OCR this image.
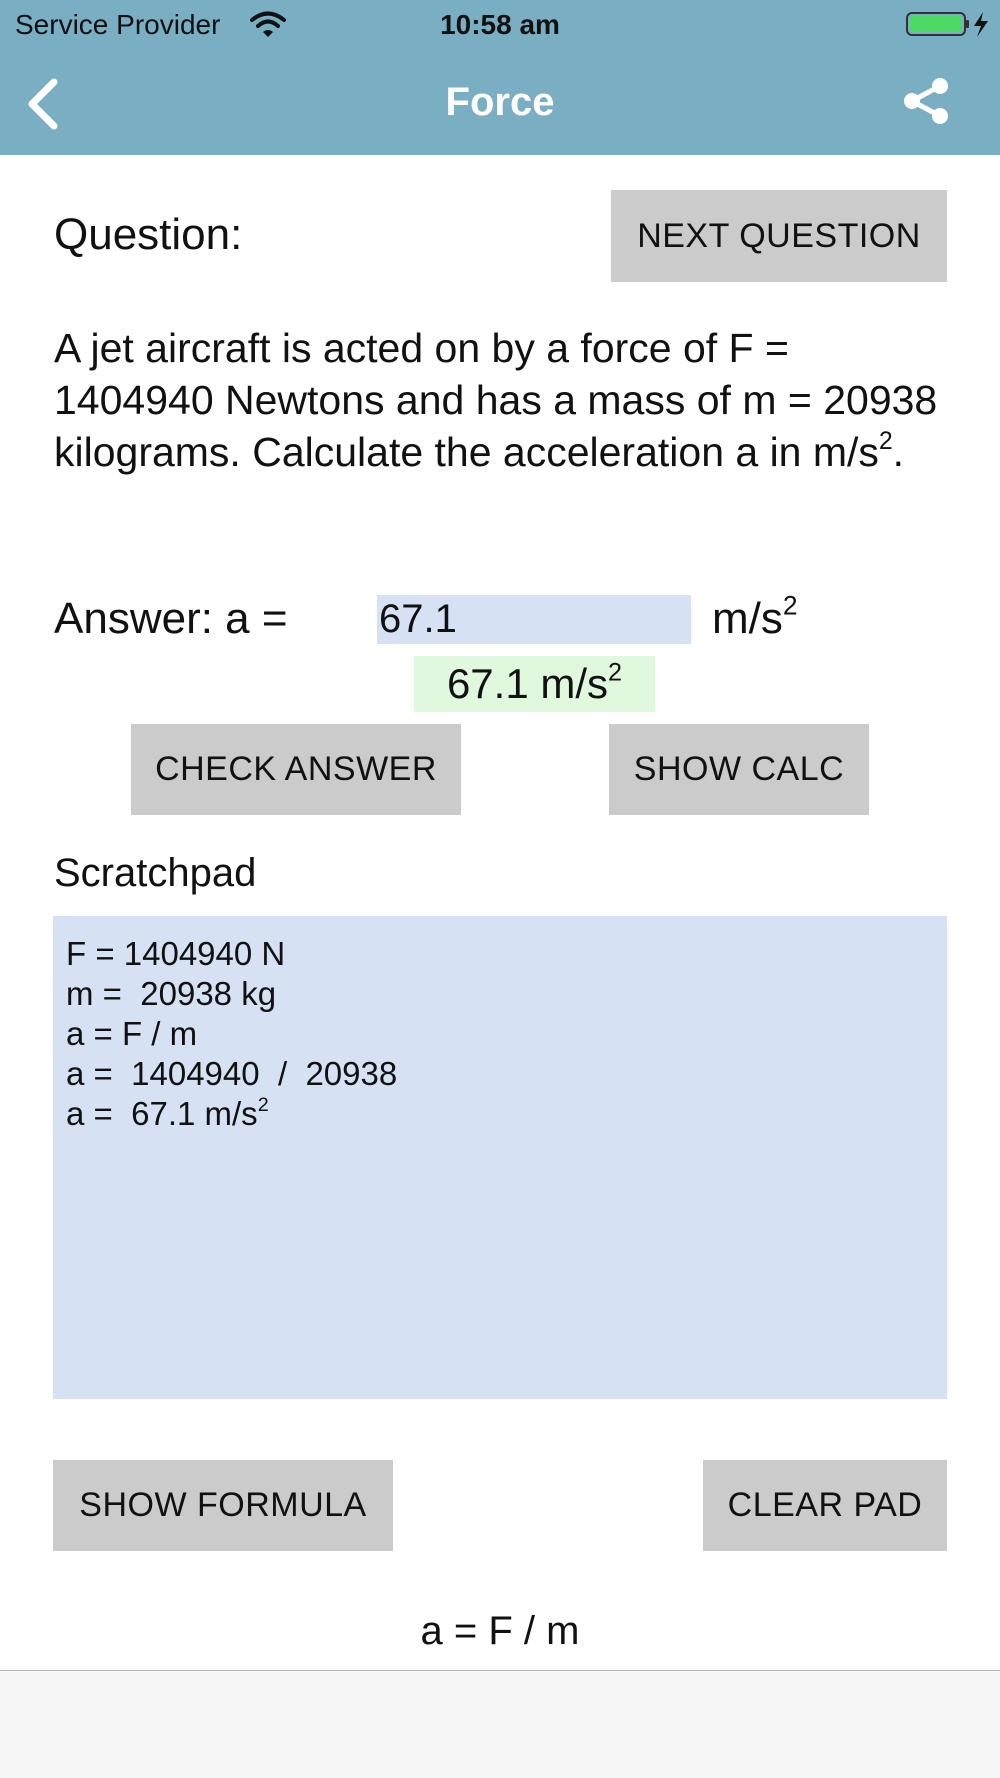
Service Provider	10:58 am
Force
Question:	NEXT QUESTION
A jet aircraft is acted on by a force of F = 1404940 Newtons and has a mass of m = 20938 kilograms. Calculate the acceleration a in $m/s^2$.
Answer: a = 67.1	$m/s^2$
67.1 $m/s^2$
CHECK ANSWER	SHOW CALC
Scratchpad
F = 1404940 N
m =  20938 kg
a = F / m
a =  1404940  /  20938
a =  67.1 $m/s^2$
SHOW FORMULA	CLEAR PAD
a = F / m
